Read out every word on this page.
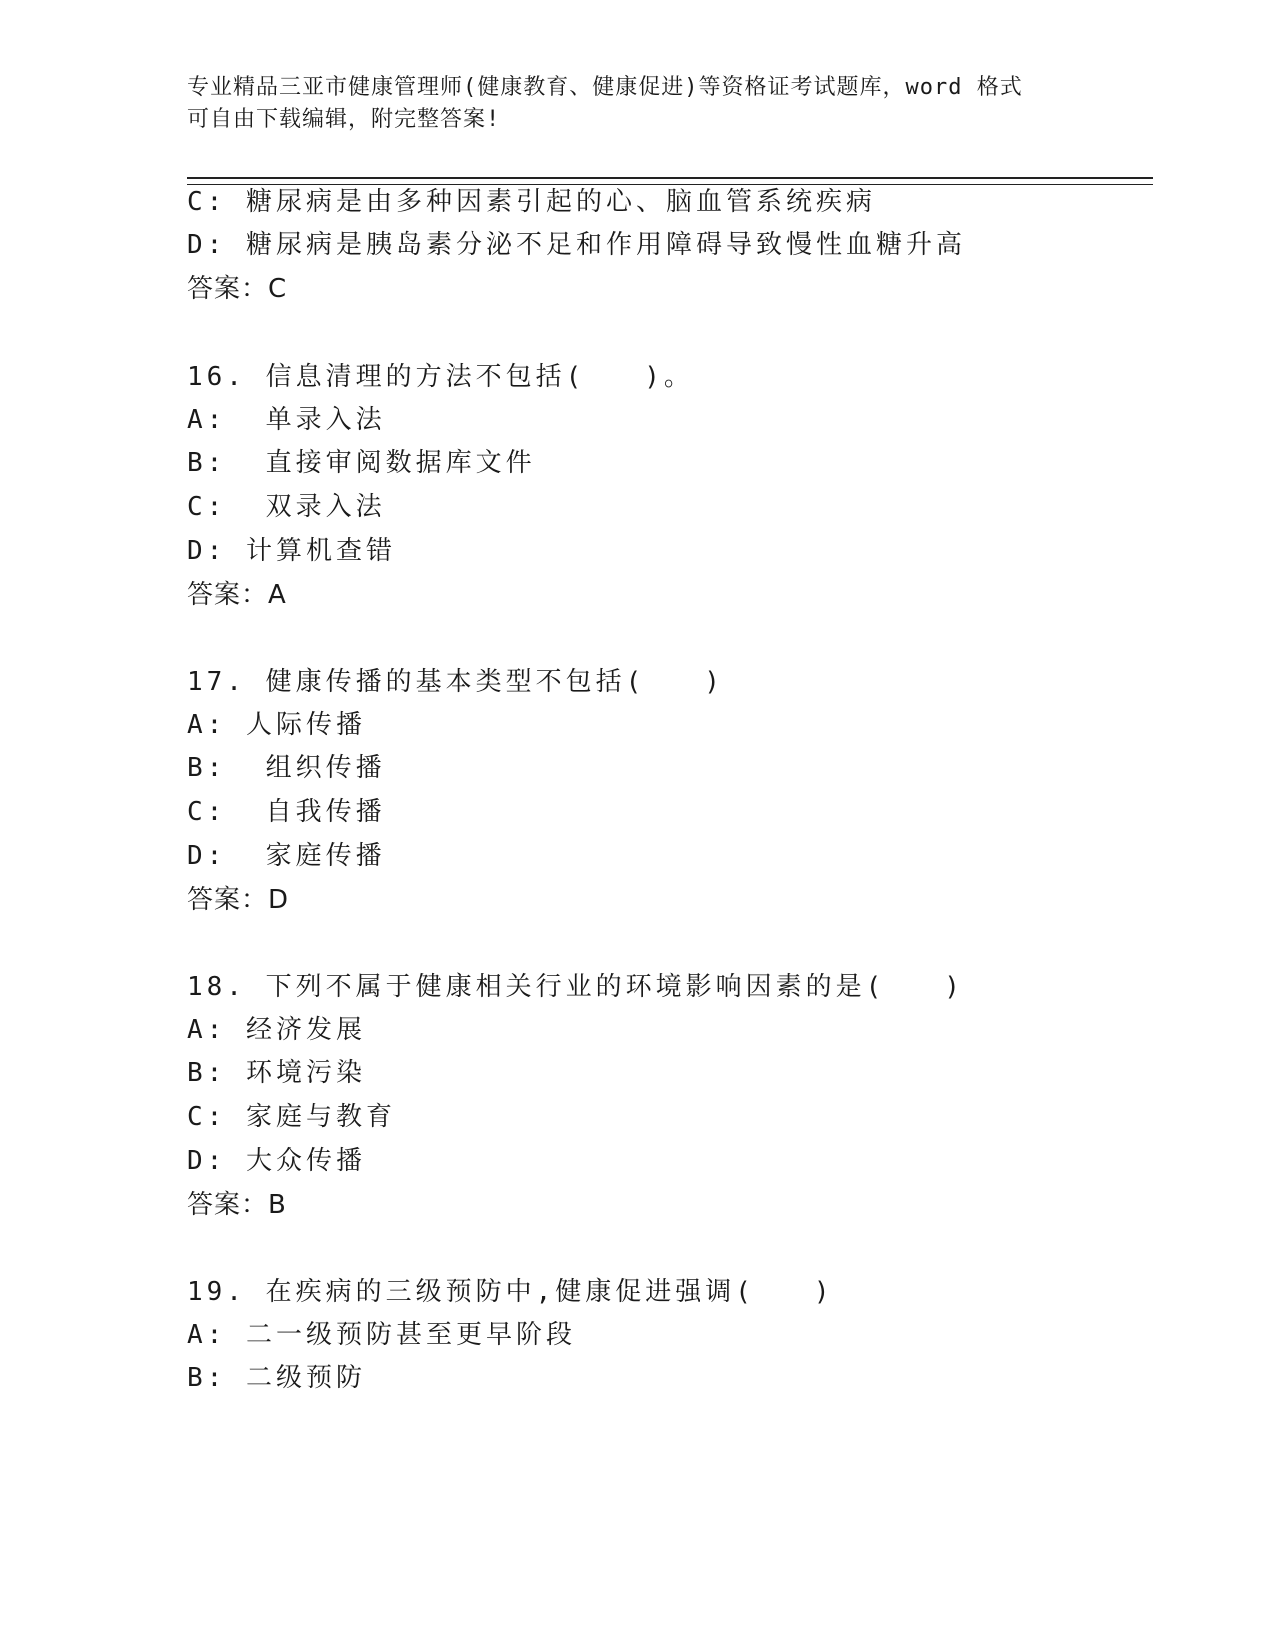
专业精品三亚市健康管理师(健康教育、健康促进)等资格证考试题库，word 格式
可自由下载编辑，附完整答案!
C: 糖尿病是由多种因素引起的心、脑血管系统疾病
D: 糖尿病是胰岛素分泌不足和作用障碍导致慢性血糖升高
答案：C
16. 信息清理的方法不包括(   )。
A:  单录入法
B:  直接审阅数据库文件
C:  双录入法
D: 计算机查错
答案：A
17. 健康传播的基本类型不包括(   )
A: 人际传播
B:  组织传播
C:  自我传播
D:  家庭传播
答案：D
18. 下列不属于健康相关行业的环境影响因素的是(   )
A: 经济发展
B: 环境污染
C: 家庭与教育
D: 大众传播
答案：B
19. 在疾病的三级预防中,健康促进强调(   )
A: 二一级预防甚至更早阶段
B: 二级预防
